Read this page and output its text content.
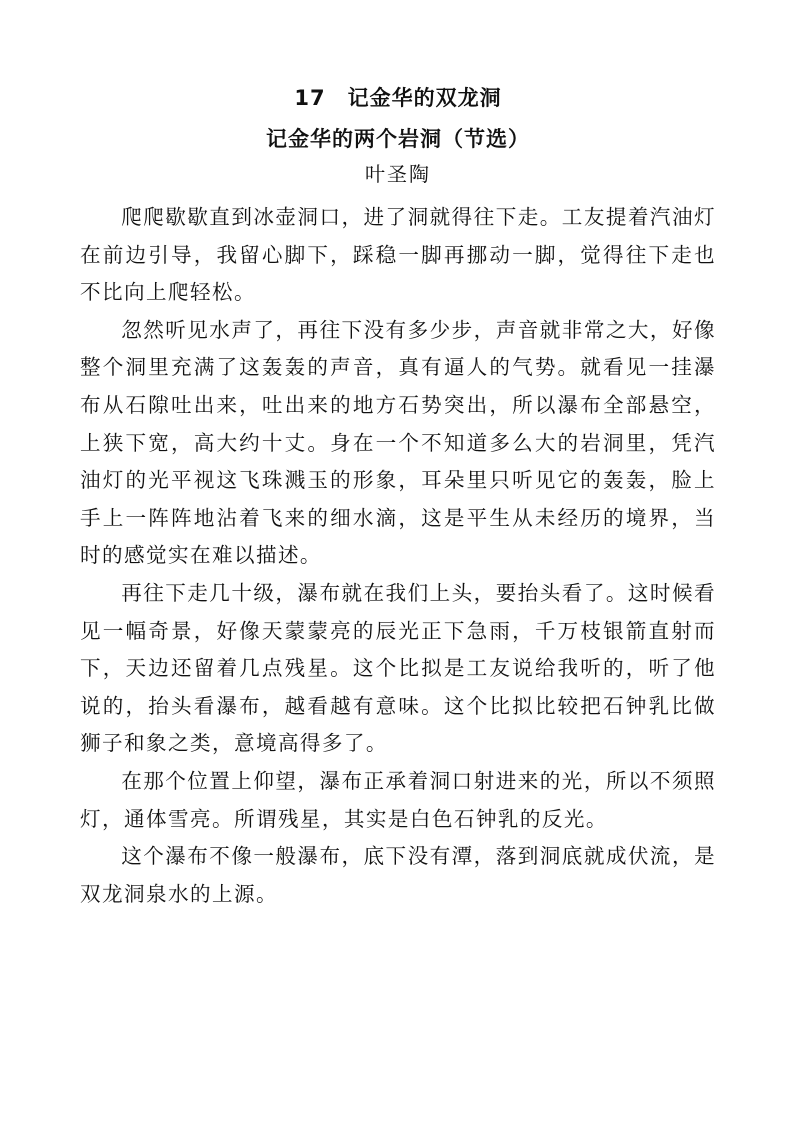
17　记金华的双龙洞
记金华的两个岩洞（节选）
叶圣陶

爬爬歇歇直到冰壶洞口，进了洞就得往下走。工友提着汽油灯在前边引导，我留心脚下，踩稳一脚再挪动一脚，觉得往下走也不比向上爬轻松。

忽然听见水声了，再往下没有多少步，声音就非常之大，好像整个洞里充满了这轰轰的声音，真有逼人的气势。就看见一挂瀑布从石隙吐出来，吐出来的地方石势突出，所以瀑布全部悬空，上狭下宽，高大约十丈。身在一个不知道多么大的岩洞里，凭汽油灯的光平视这飞珠溅玉的形象，耳朵里只听见它的轰轰，脸上手上一阵阵地沾着飞来的细水滴，这是平生从未经历的境界，当时的感觉实在难以描述。

再往下走几十级，瀑布就在我们上头，要抬头看了。这时候看见一幅奇景，好像天蒙蒙亮的辰光正下急雨，千万枝银箭直射而下，天边还留着几点残星。这个比拟是工友说给我听的，听了他说的，抬头看瀑布，越看越有意味。这个比拟比较把石钟乳比做狮子和象之类，意境高得多了。

在那个位置上仰望，瀑布正承着洞口射进来的光，所以不须照灯，通体雪亮。所谓残星，其实是白色石钟乳的反光。

这个瀑布不像一般瀑布，底下没有潭，落到洞底就成伏流，是双龙洞泉水的上源。
